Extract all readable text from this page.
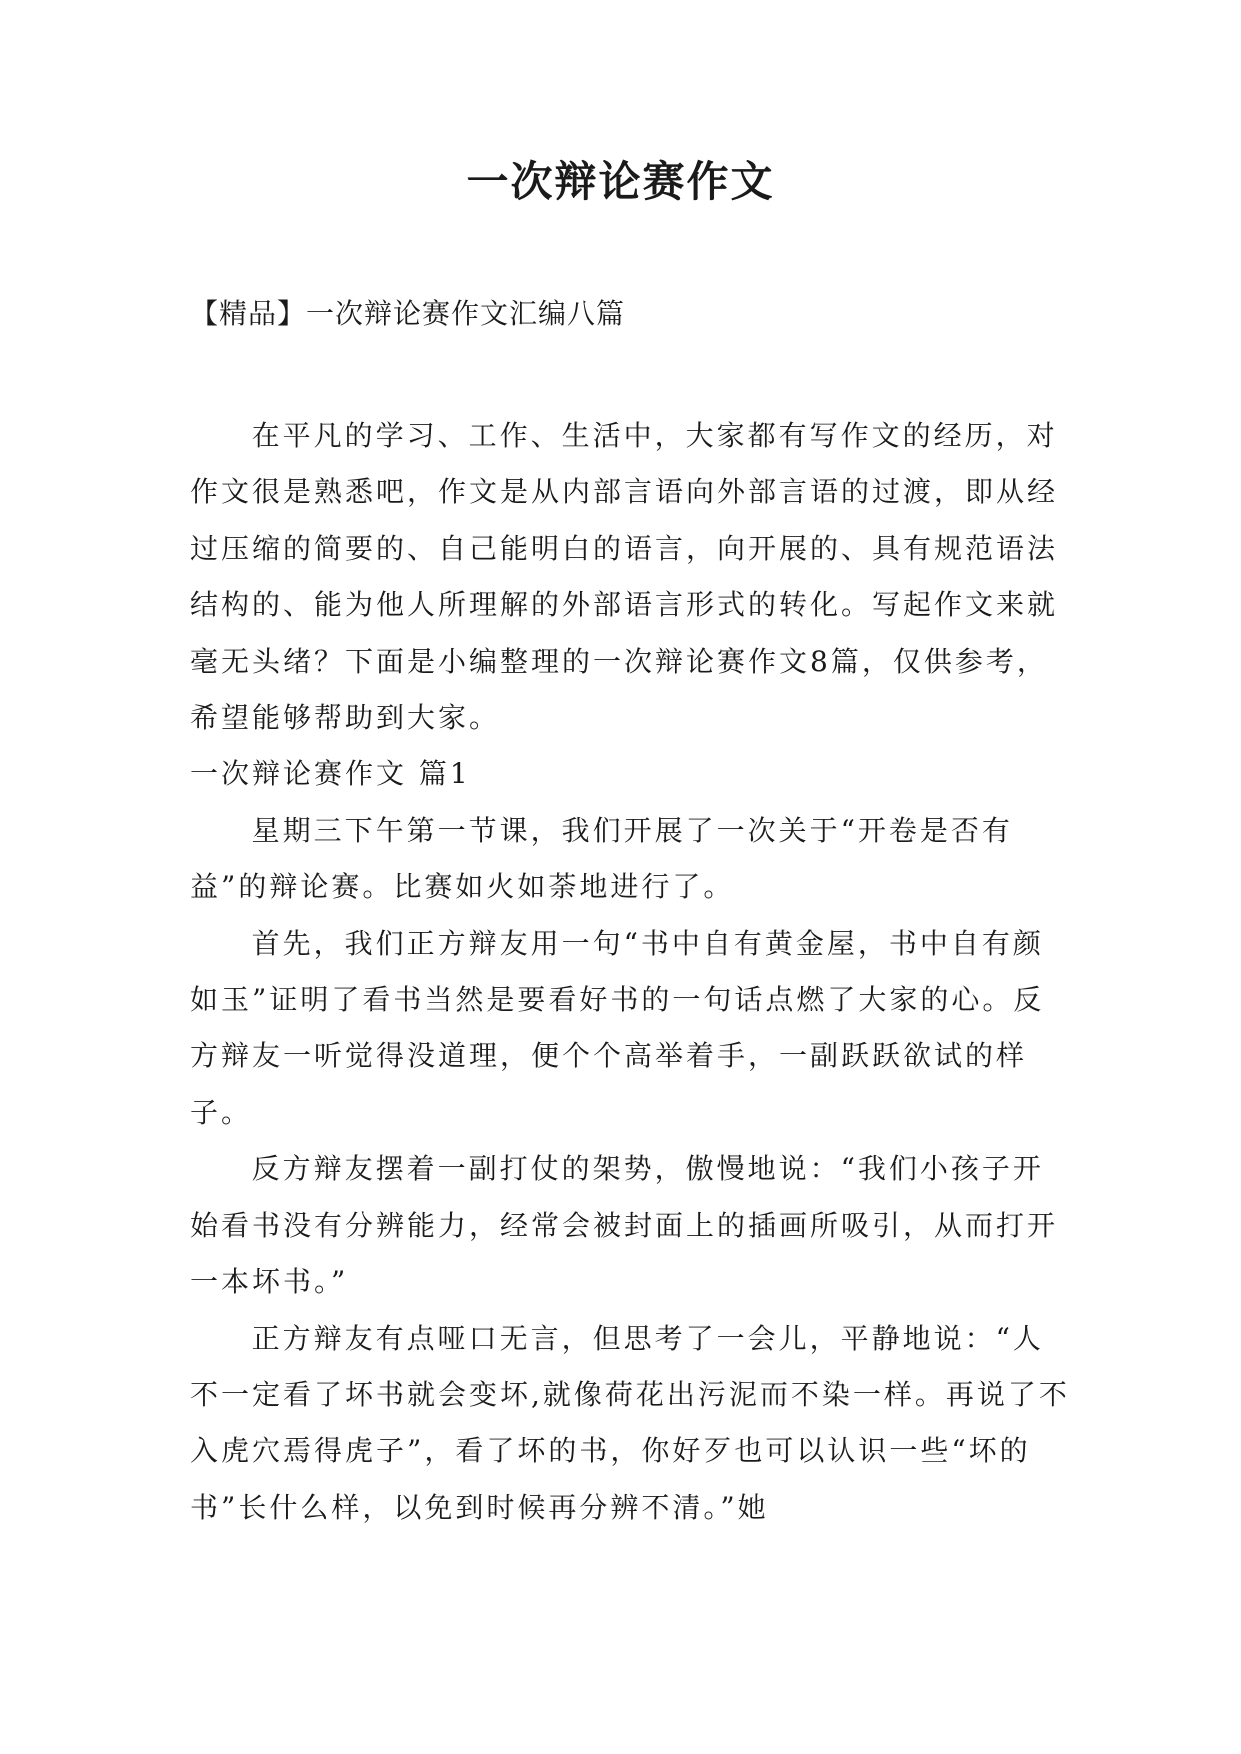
一次辩论赛作文
【精品】一次辩论赛作文汇编八篇

在平凡的学习、工作、生活中，大家都有写作文的经历，对作文很是熟悉吧，作文是从内部言语向外部言语的过渡，即从经过压缩的简要的、自己能明白的语言，向开展的、具有规范语法结构的、能为他人所理解的外部语言形式的转化。写起作文来就毫无头绪？下面是小编整理的一次辩论赛作文8篇，仅供参考，希望能够帮助到大家。

一次辩论赛作文 篇1

星期三下午第一节课，我们开展了一次关于“开卷是否有益”的辩论赛。比赛如火如荼地进行了。

首先，我们正方辩友用一句“书中自有黄金屋，书中自有颜如玉”证明了看书当然是要看好书的一句话点燃了大家的心。反方辩友一听觉得没道理，便个个高举着手，一副跃跃欲试的样子。

反方辩友摆着一副打仗的架势，傲慢地说：“我们小孩子开始看书没有分辨能力，经常会被封面上的插画所吸引，从而打开一本坏书。”

正方辩友有点哑口无言，但思考了一会儿，平静地说：“人不一定看了坏书就会变坏,就像荷花出污泥而不染一样。再说了不入虎穴焉得虎子”，看了坏的书，你好歹也可以认识一些“坏的书”长什么样，以免到时候再分辨不清。”她
